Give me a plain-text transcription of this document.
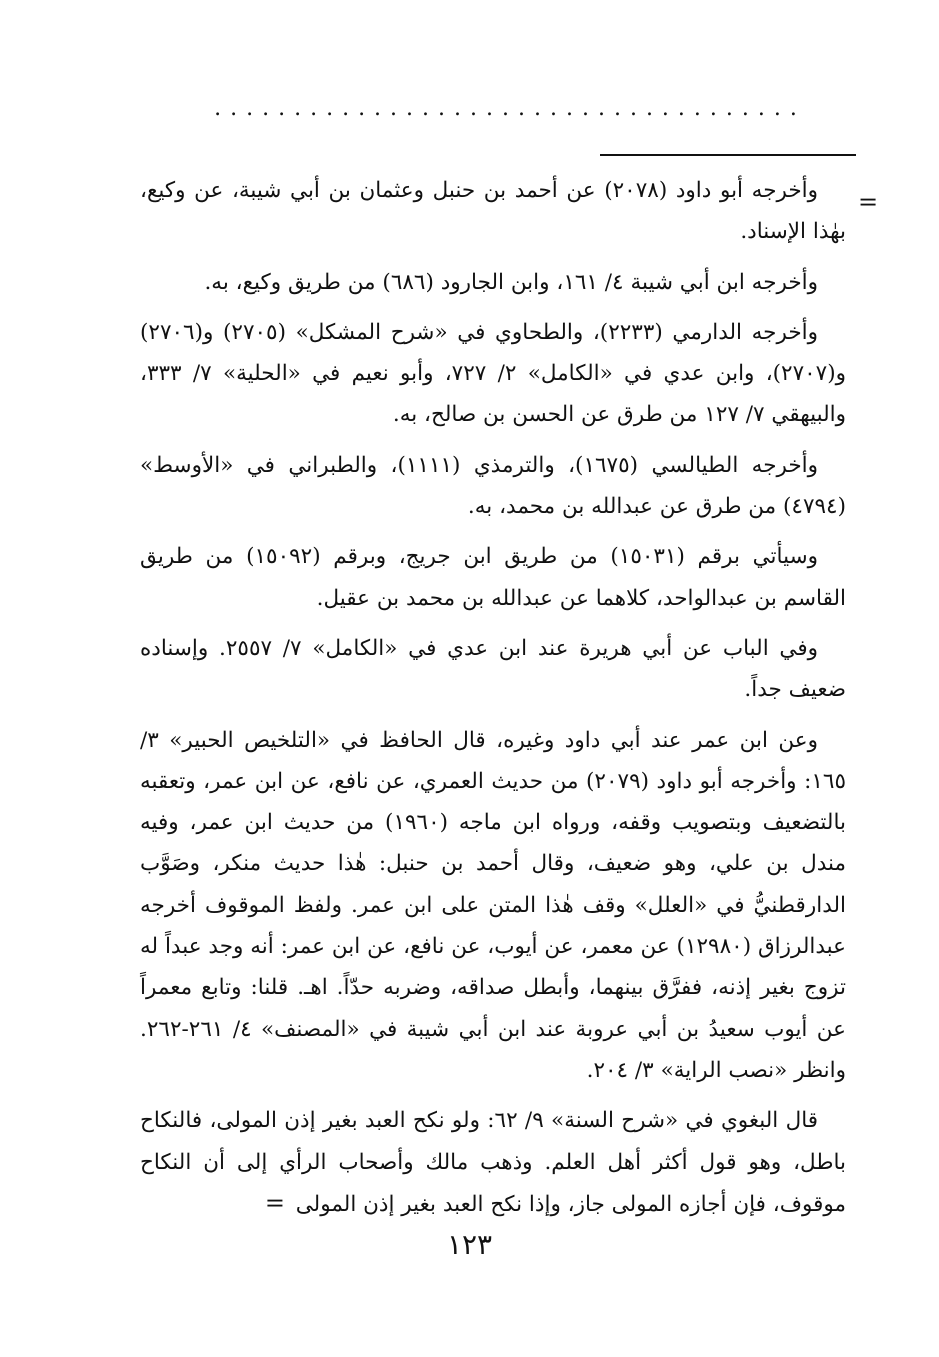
.....................................
=

وأخرجه أبو داود (٢٠٧٨) عن أحمد بن حنبل وعثمان بن أبي شيبة، عن وكيع، بهٰذا الإسناد.

وأخرجه ابن أبي شيبة ٤/ ١٦١، وابن الجارود (٦٨٦) من طريق وكيع، به.

وأخرجه الدارمي (٢٢٣٣)، والطحاوي في «شرح المشكل» (٢٧٠٥) و(٢٧٠٦) و(٢٧٠٧)، وابن عدي في «الكامل» ٢/ ٧٢٧، وأبو نعيم في «الحلية» ٧/ ٣٣٣، والبيهقي ٧/ ١٢٧ من طرق عن الحسن بن صالح، به.

وأخرجه الطيالسي (١٦٧٥)، والترمذي (١١١١)، والطبراني في «الأوسط» (٤٧٩٤) من طرق عن عبدالله بن محمد، به.

وسيأتي برقم (١٥٠٣١) من طريق ابن جريج، وبرقم (١٥٠٩٢) من طريق القاسم بن عبدالواحد، كلاهما عن عبدالله بن محمد بن عقيل.

وفي الباب عن أبي هريرة عند ابن عدي في «الكامل» ٧/ ٢٥٥٧. وإسناده ضعيف جداً.

وعن ابن عمر عند أبي داود وغيره، قال الحافظ في «التلخيص الحبير» ٣/ ١٦٥: وأخرجه أبو داود (٢٠٧٩) من حديث العمري، عن نافع، عن ابن عمر، وتعقبه بالتضعيف وبتصويب وقفه، ورواه ابن ماجه (١٩٦٠) من حديث ابن عمر، وفيه مندل بن علي، وهو ضعيف، وقال أحمد بن حنبل: هٰذا حديث منكر، وصَوَّب الدارقطنيُّ في «العلل» وقف هٰذا المتن على ابن عمر. ولفظ الموقوف أخرجه عبدالرزاق (١٢٩٨٠) عن معمر، عن أيوب، عن نافع، عن ابن عمر: أنه وجد عبداً له تزوج بغير إذنه، ففرَّق بينهما، وأبطل صداقه، وضربه حدّاً. اهـ. قلنا: وتابع معمراً عن أيوب سعيدُ بن أبي عروبة عند ابن أبي شيبة في «المصنف» ٤/ ٢٦١-٢٦٢. وانظر «نصب الراية» ٣/ ٢٠٤.

قال البغوي في «شرح السنة» ٩/ ٦٢: ولو نكح العبد بغير إذن المولى، فالنكاح باطل، وهو قول أكثر أهل العلم. وذهب مالك وأصحاب الرأي إلى أن النكاح موقوف، فإن أجازه المولى جاز، وإذا نكح العبد بغير إذن المولى =

١٢٣
